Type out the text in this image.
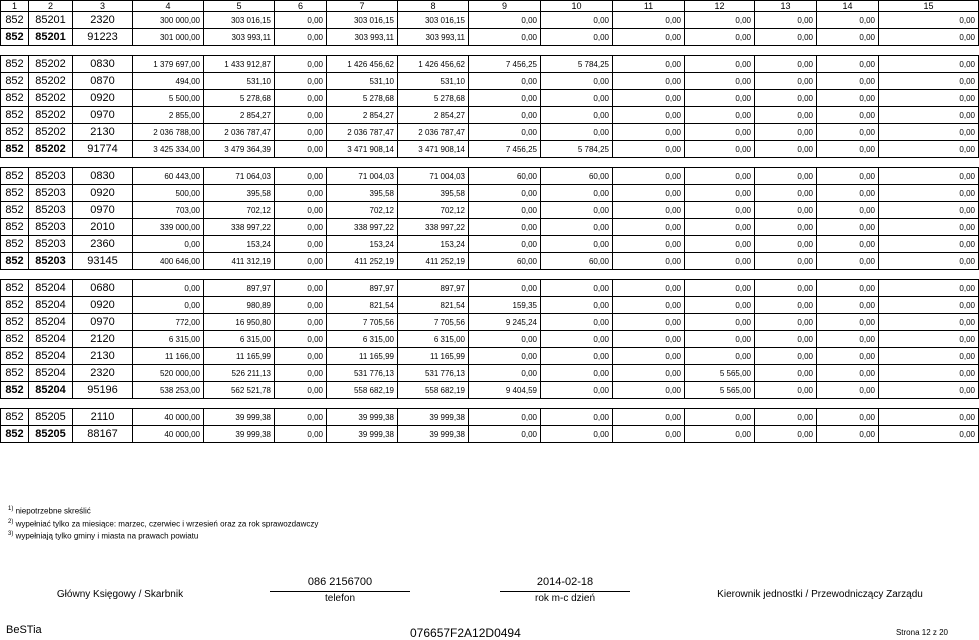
1	2	3	4	5	6	7	8	9	10	11	12	13	14	15
852	85201	2320	300 000,00	303 016,15	0,00	303 016,15	303 016,15	0,00	0,00	0,00	0,00	0,00	0,00	0,00
852	85201	91223	301 000,00	303 993,11	0,00	303 993,11	303 993,11	0,00	0,00	0,00	0,00	0,00	0,00	0,00

852	85202	0830	1 379 697,00	1 433 912,87	0,00	1 426 456,62	1 426 456,62	7 456,25	5 784,25	0,00	0,00	0,00	0,00	0,00
852	85202	0870	494,00	531,10	0,00	531,10	531,10	0,00	0,00	0,00	0,00	0,00	0,00	0,00
852	85202	0920	5 500,00	5 278,68	0,00	5 278,68	5 278,68	0,00	0,00	0,00	0,00	0,00	0,00	0,00
852	85202	0970	2 855,00	2 854,27	0,00	2 854,27	2 854,27	0,00	0,00	0,00	0,00	0,00	0,00	0,00
852	85202	2130	2 036 788,00	2 036 787,47	0,00	2 036 787,47	2 036 787,47	0,00	0,00	0,00	0,00	0,00	0,00	0,00
852	85202	91774	3 425 334,00	3 479 364,39	0,00	3 471 908,14	3 471 908,14	7 456,25	5 784,25	0,00	0,00	0,00	0,00	0,00

852	85203	0830	60 443,00	71 064,03	0,00	71 004,03	71 004,03	60,00	60,00	0,00	0,00	0,00	0,00	0,00
852	85203	0920	500,00	395,58	0,00	395,58	395,58	0,00	0,00	0,00	0,00	0,00	0,00	0,00
852	85203	0970	703,00	702,12	0,00	702,12	702,12	0,00	0,00	0,00	0,00	0,00	0,00	0,00
852	85203	2010	339 000,00	338 997,22	0,00	338 997,22	338 997,22	0,00	0,00	0,00	0,00	0,00	0,00	0,00
852	85203	2360	0,00	153,24	0,00	153,24	153,24	0,00	0,00	0,00	0,00	0,00	0,00	0,00
852	85203	93145	400 646,00	411 312,19	0,00	411 252,19	411 252,19	60,00	60,00	0,00	0,00	0,00	0,00	0,00

852	85204	0680	0,00	897,97	0,00	897,97	897,97	0,00	0,00	0,00	0,00	0,00	0,00	0,00
852	85204	0920	0,00	980,89	0,00	821,54	821,54	159,35	0,00	0,00	0,00	0,00	0,00	0,00
852	85204	0970	772,00	16 950,80	0,00	7 705,56	7 705,56	9 245,24	0,00	0,00	0,00	0,00	0,00	0,00
852	85204	2120	6 315,00	6 315,00	0,00	6 315,00	6 315,00	0,00	0,00	0,00	0,00	0,00	0,00	0,00
852	85204	2130	11 166,00	11 165,99	0,00	11 165,99	11 165,99	0,00	0,00	0,00	0,00	0,00	0,00	0,00
852	85204	2320	520 000,00	526 211,13	0,00	531 776,13	531 776,13	0,00	0,00	0,00	5 565,00	0,00	0,00	0,00
852	85204	95196	538 253,00	562 521,78	0,00	558 682,19	558 682,19	9 404,59	0,00	0,00	5 565,00	0,00	0,00	0,00

852	85205	2110	40 000,00	39 999,38	0,00	39 999,38	39 999,38	0,00	0,00	0,00	0,00	0,00	0,00	0,00
852	85205	88167	40 000,00	39 999,38	0,00	39 999,38	39 999,38	0,00	0,00	0,00	0,00	0,00	0,00	0,00
$^{1)}$ niepotrzebne skreślić
$^{2)}$ wypełniać tylko za miesiące: marzec, czerwiec i wrzesień oraz za rok sprawozdawczy
$^{3)}$ wypełniają tylko gminy i miasta na prawach powiatu
Główny Księgowy / Skarbnik
086 2156700
telefon
2014-02-18
rok m-c dzień	Kierownik jednostki / Przewodniczący Zarządu
BeSTia	076657F2A12D0494	Strona 12 z 20
